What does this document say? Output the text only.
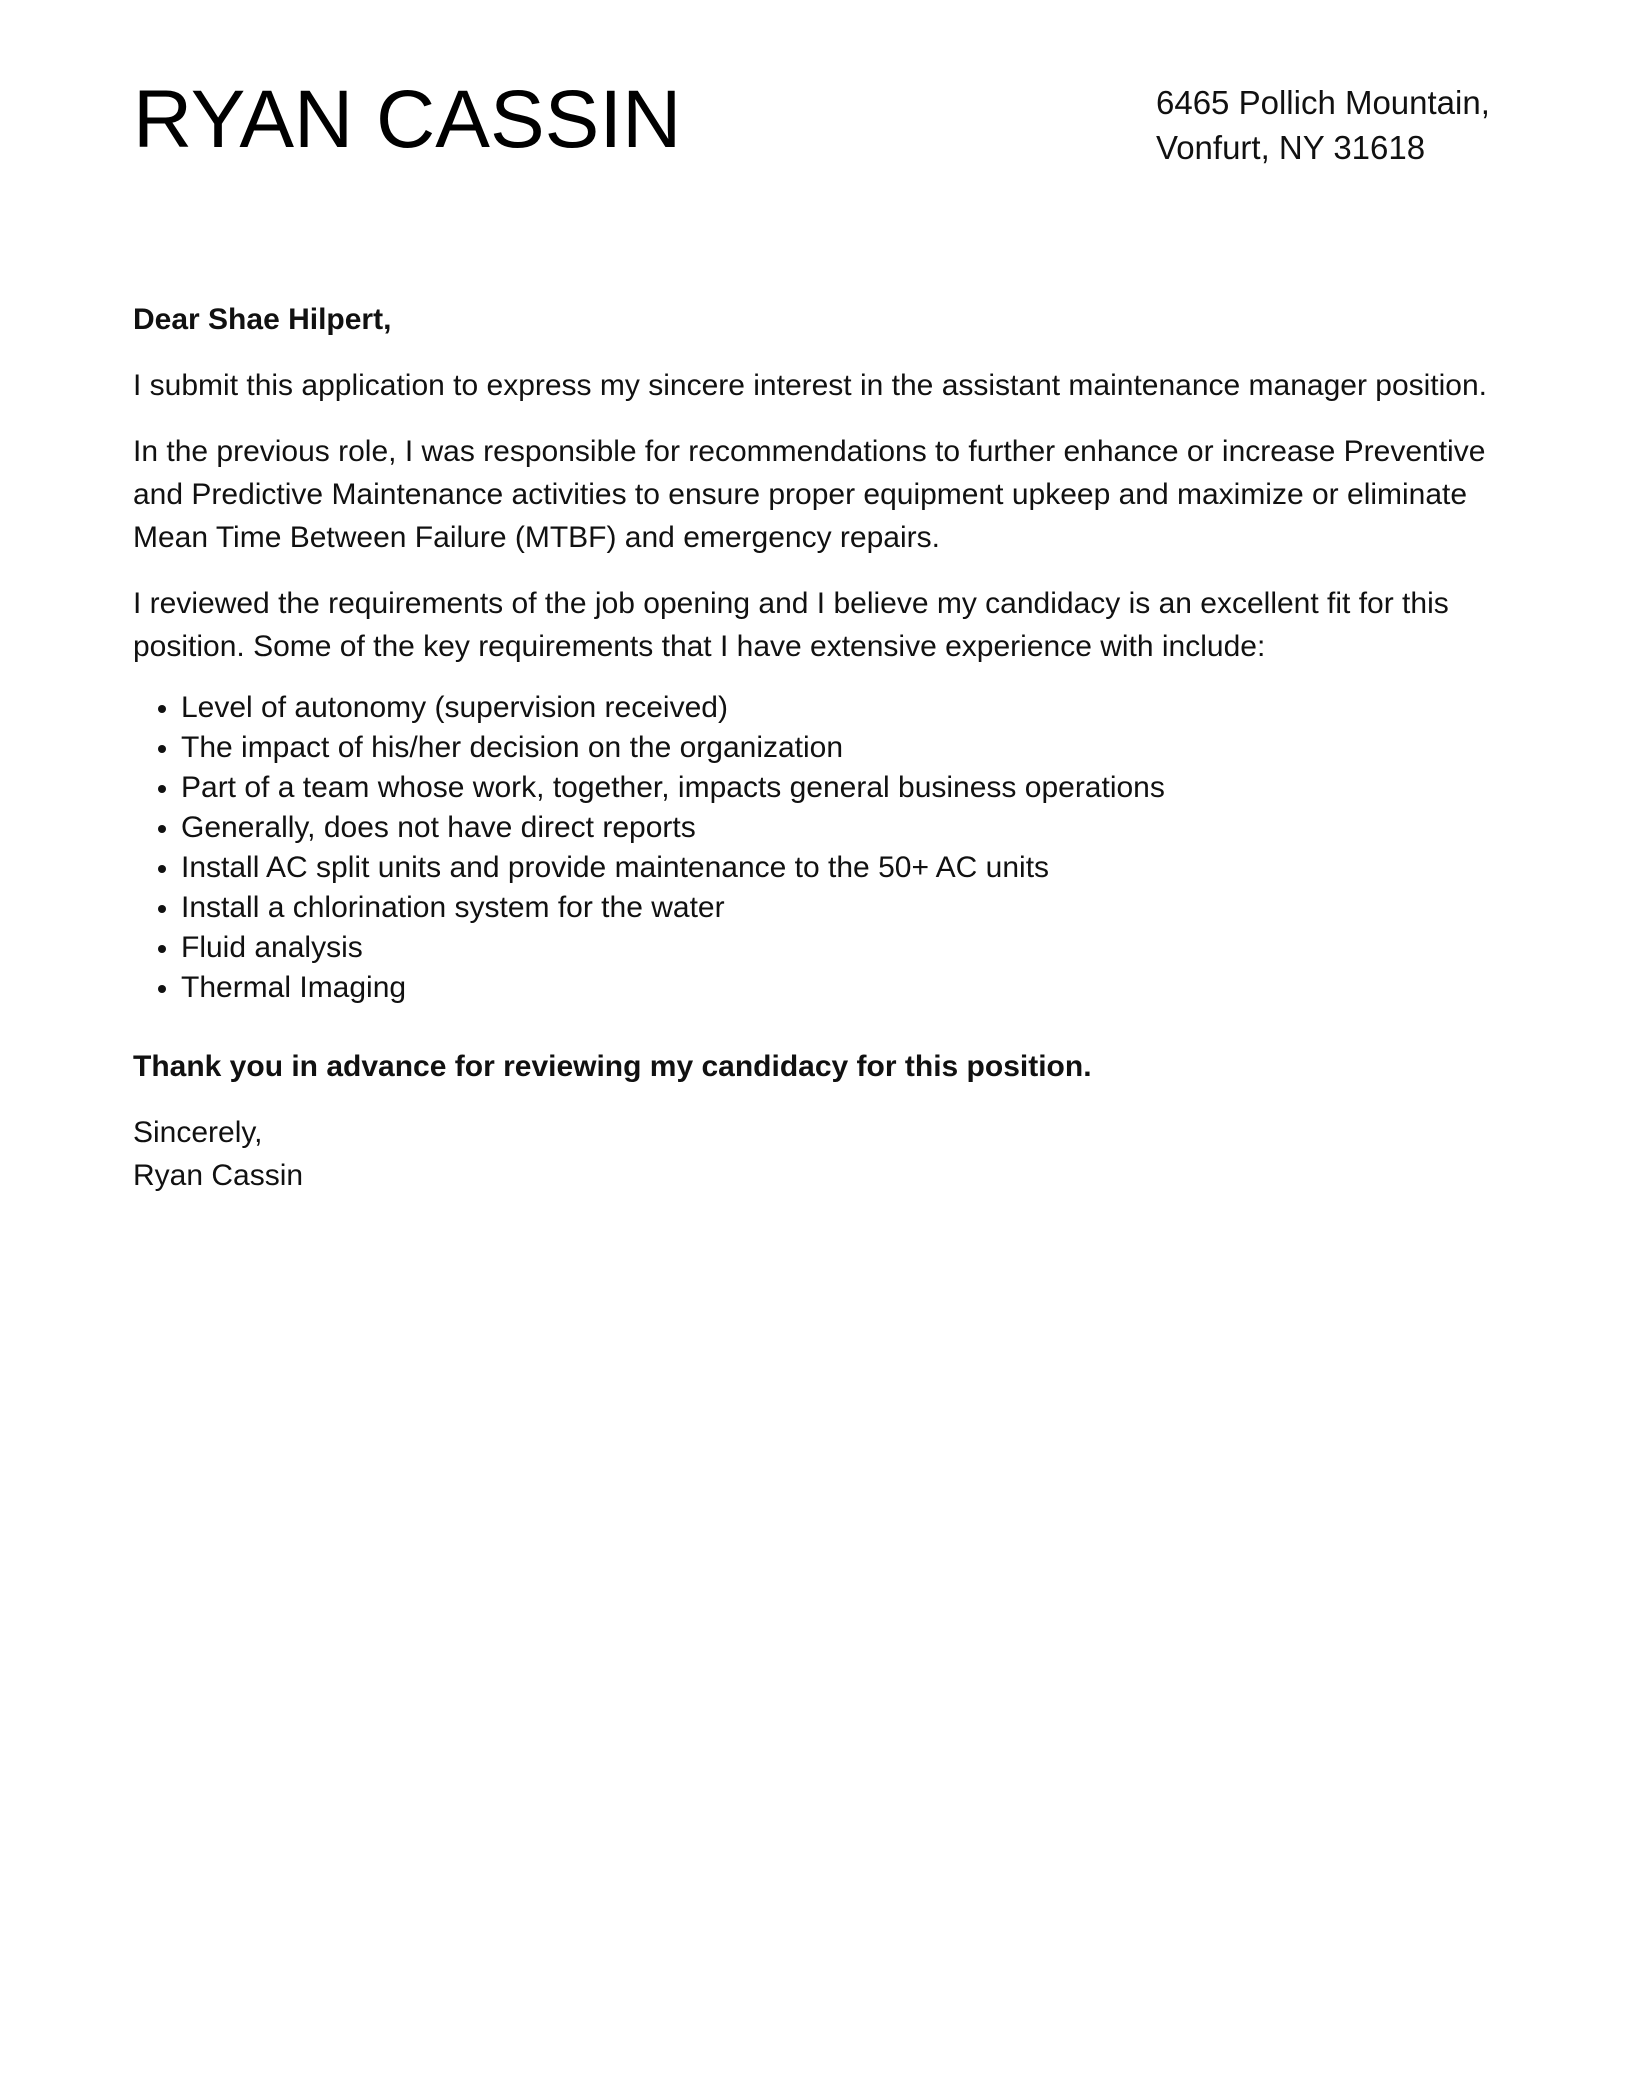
RYAN CASSIN	6465 Pollich Mountain,
Vonfurt, NY 31618

Dear Shae Hilpert,

I submit this application to express my sincere interest in the assistant maintenance manager position.

In the previous role, I was responsible for recommendations to further enhance or increase Preventive and Predictive Maintenance activities to ensure proper equipment upkeep and maximize or eliminate Mean Time Between Failure (MTBF) and emergency repairs.

I reviewed the requirements of the job opening and I believe my candidacy is an excellent fit for this position. Some of the key requirements that I have extensive experience with include:

Level of autonomy (supervision received)
The impact of his/her decision on the organization
Part of a team whose work, together, impacts general business operations
Generally, does not have direct reports
Install AC split units and provide maintenance to the 50+ AC units
Install a chlorination system for the water
Fluid analysis
Thermal Imaging

Thank you in advance for reviewing my candidacy for this position.

Sincerely,
Ryan Cassin
